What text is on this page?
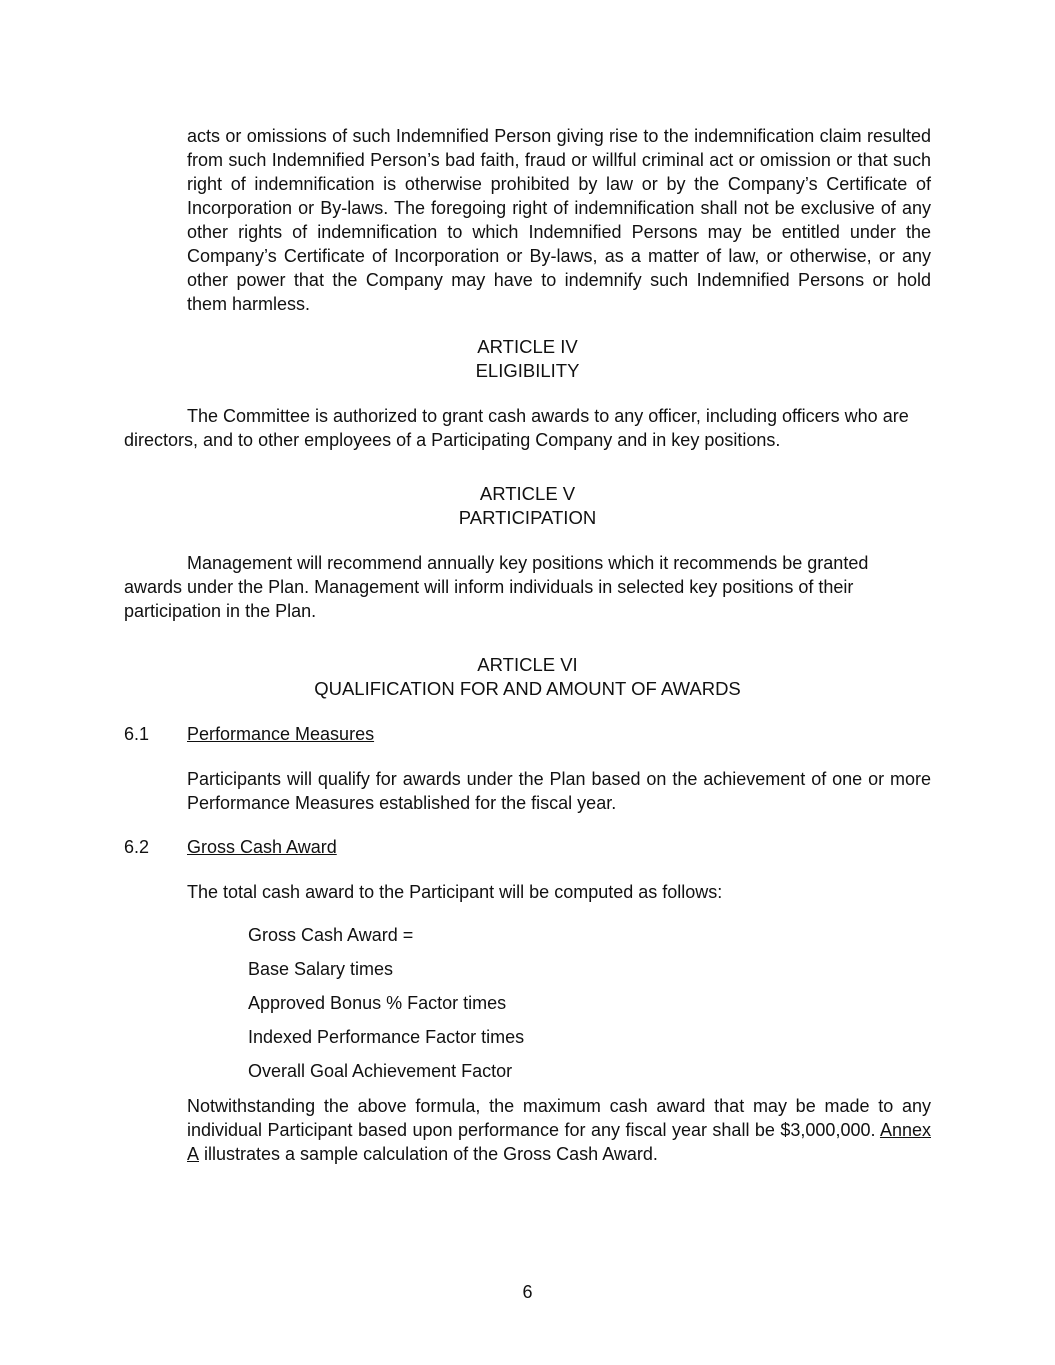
acts or omissions of such Indemnified Person giving rise to the indemnification claim resulted from such Indemnified Person’s bad faith, fraud or willful criminal act or omission or that such right of indemnification is otherwise prohibited by law or by the Company’s Certificate of Incorporation or By-laws. The foregoing right of indemnification shall not be exclusive of any other rights of indemnification to which Indemnified Persons may be entitled under the Company’s Certificate of Incorporation or By-laws, as a matter of law, or otherwise, or any other power that the Company may have to indemnify such Indemnified Persons or hold them harmless.

ARTICLE IV
ELIGIBILITY

The Committee is authorized to grant cash awards to any officer, including officers who are directors, and to other employees of a Participating Company and in key positions.

ARTICLE V
PARTICIPATION

Management will recommend annually key positions which it recommends be granted awards under the Plan. Management will inform individuals in selected key positions of their participation in the Plan.

ARTICLE VI
QUALIFICATION FOR AND AMOUNT OF AWARDS
6.1 Performance Measures

Participants will qualify for awards under the Plan based on the achievement of one or more Performance Measures established for the fiscal year.

6.2 Gross Cash Award

The total cash award to the Participant will be computed as follows:

Gross Cash Award =
Base Salary times
Approved Bonus % Factor times
Indexed Performance Factor times
Overall Goal Achievement Factor

Notwithstanding the above formula, the maximum cash award that may be made to any individual Participant based upon performance for any fiscal year shall be $3,000,000. Annex A illustrates a sample calculation of the Gross Cash Award.

6
